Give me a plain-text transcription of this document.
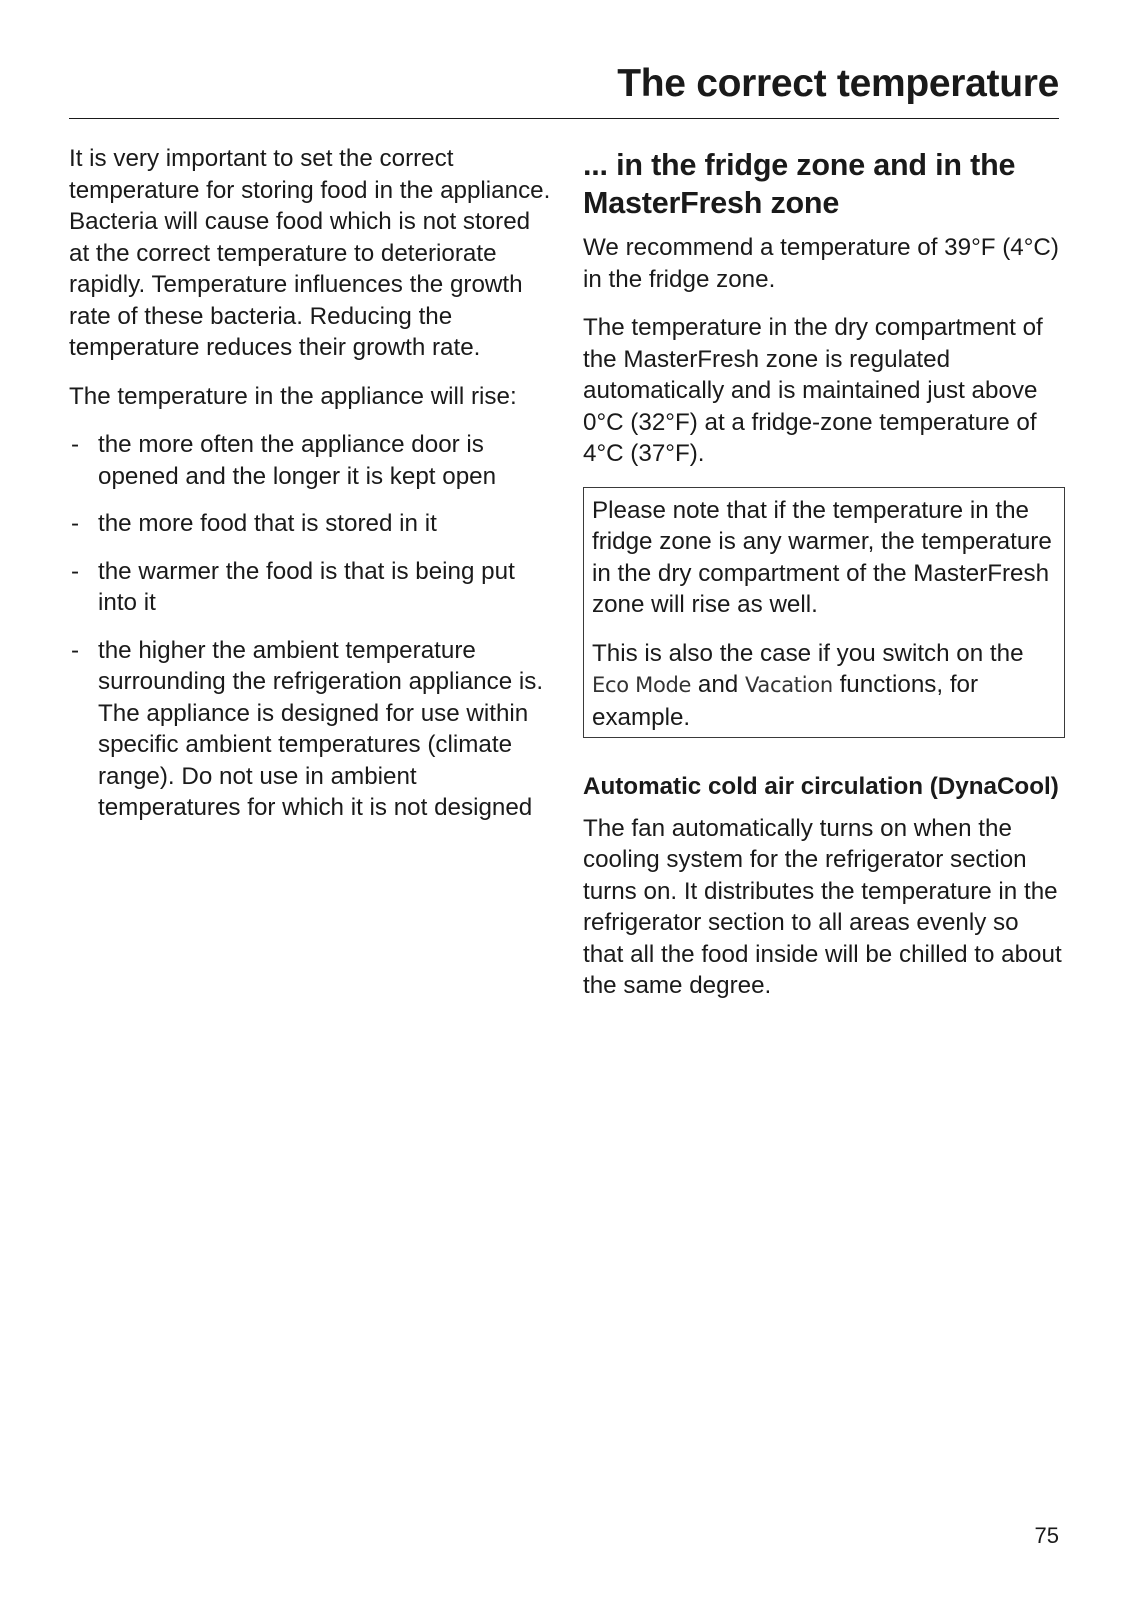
The correct temperature

It is very important to set the correct temperature for storing food in the appliance. Bacteria will cause food which is not stored at the correct temperature to deteriorate rapidly. Temperature influences the growth rate of these bacteria. Reducing the temperature reduces their growth rate.

The temperature in the appliance will rise:

- the more often the appliance door is opened and the longer it is kept open
- the more food that is stored in it
- the warmer the food is that is being put into it
- the higher the ambient temperature surrounding the refrigeration appliance is. The appliance is designed for use within specific ambient temperatures (climate range). Do not use in ambient temperatures for which it is not designed
... in the fridge zone and in the MasterFresh zone

We recommend a temperature of 39°F (4°C) in the fridge zone.

The temperature in the dry compartment of the MasterFresh zone is regulated automatically and is maintained just above 0°C (32°F) at a fridge-zone temperature of 4°C (37°F).

Please note that if the temperature in the fridge zone is any warmer, the temperature in the dry compartment of the MasterFresh zone will rise as well.

This is also the case if you switch on the Eco Mode and Vacation functions, for example.

Automatic cold air circulation (DynaCool)

The fan automatically turns on when the cooling system for the refrigerator section turns on. It distributes the temperature in the refrigerator section to all areas evenly so that all the food inside will be chilled to about the same degree.

75
